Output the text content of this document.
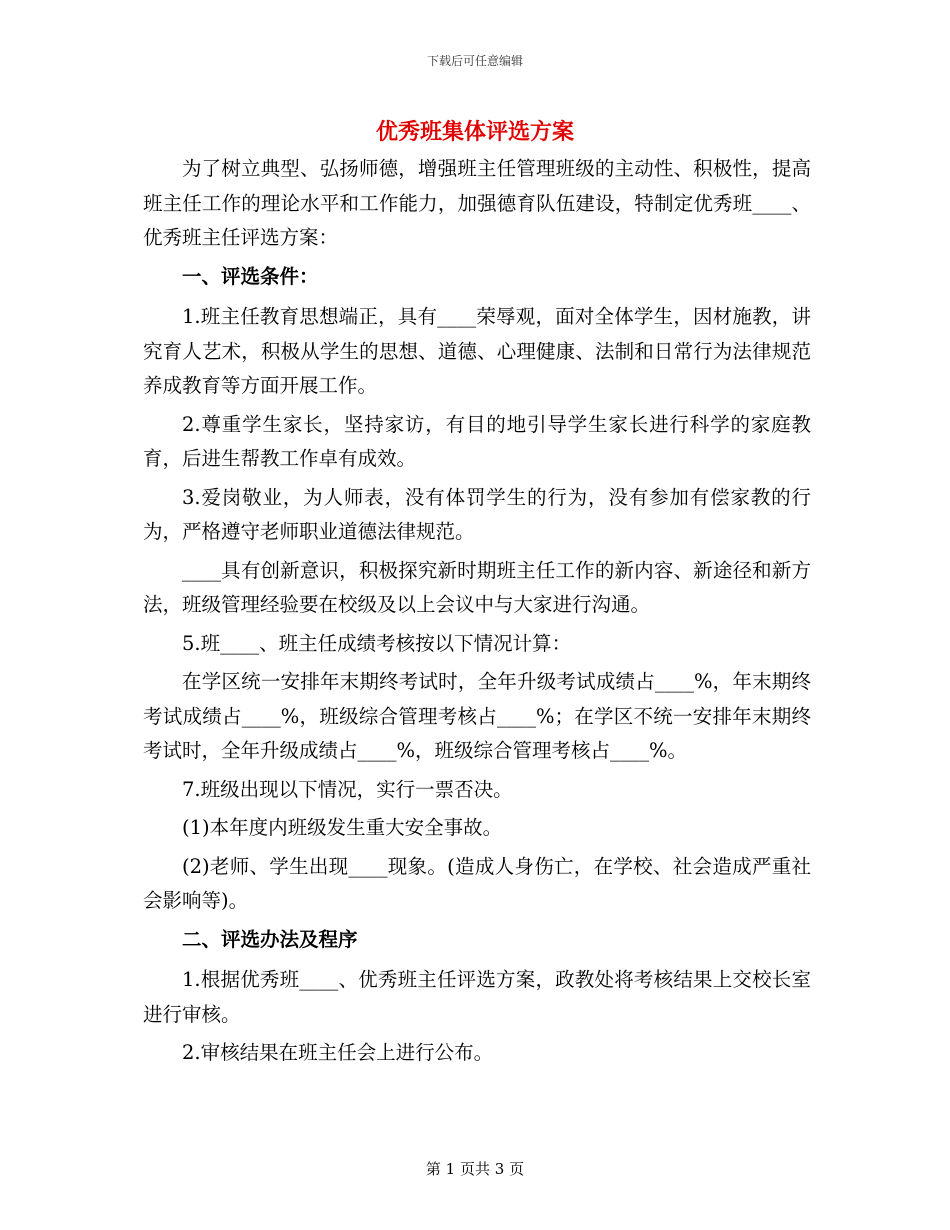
下载后可任意编辑
优秀班集体评选方案

为了树立典型、弘扬师德，增强班主任管理班级的主动性、积极性，提高班主任工作的理论水平和工作能力，加强德育队伍建设，特制定优秀班____、优秀班主任评选方案：

一、评选条件：

1.班主任教育思想端正，具有____荣辱观，面对全体学生，因材施教，讲究育人艺术，积极从学生的思想、道德、心理健康、法制和日常行为法律规范养成教育等方面开展工作。

2.尊重学生家长，坚持家访，有目的地引导学生家长进行科学的家庭教育，后进生帮教工作卓有成效。

3.爱岗敬业，为人师表，没有体罚学生的行为，没有参加有偿家教的行为，严格遵守老师职业道德法律规范。

____具有创新意识，积极探究新时期班主任工作的新内容、新途径和新方法，班级管理经验要在校级及以上会议中与大家进行沟通。

5.班____、班主任成绩考核按以下情况计算：

在学区统一安排年末期终考试时，全年升级考试成绩占____%，年末期终考试成绩占____%，班级综合管理考核占____%；在学区不统一安排年末期终考试时，全年升级成绩占____%，班级综合管理考核占____%。

7.班级出现以下情况，实行一票否决。

(1)本年度内班级发生重大安全事故。

(2)老师、学生出现____现象。(造成人身伤亡，在学校、社会造成严重社会影响等)。

二、评选办法及程序

1.根据优秀班____、优秀班主任评选方案，政教处将考核结果上交校长室进行审核。

2.审核结果在班主任会上进行公布。

第 1 页共 3 页
